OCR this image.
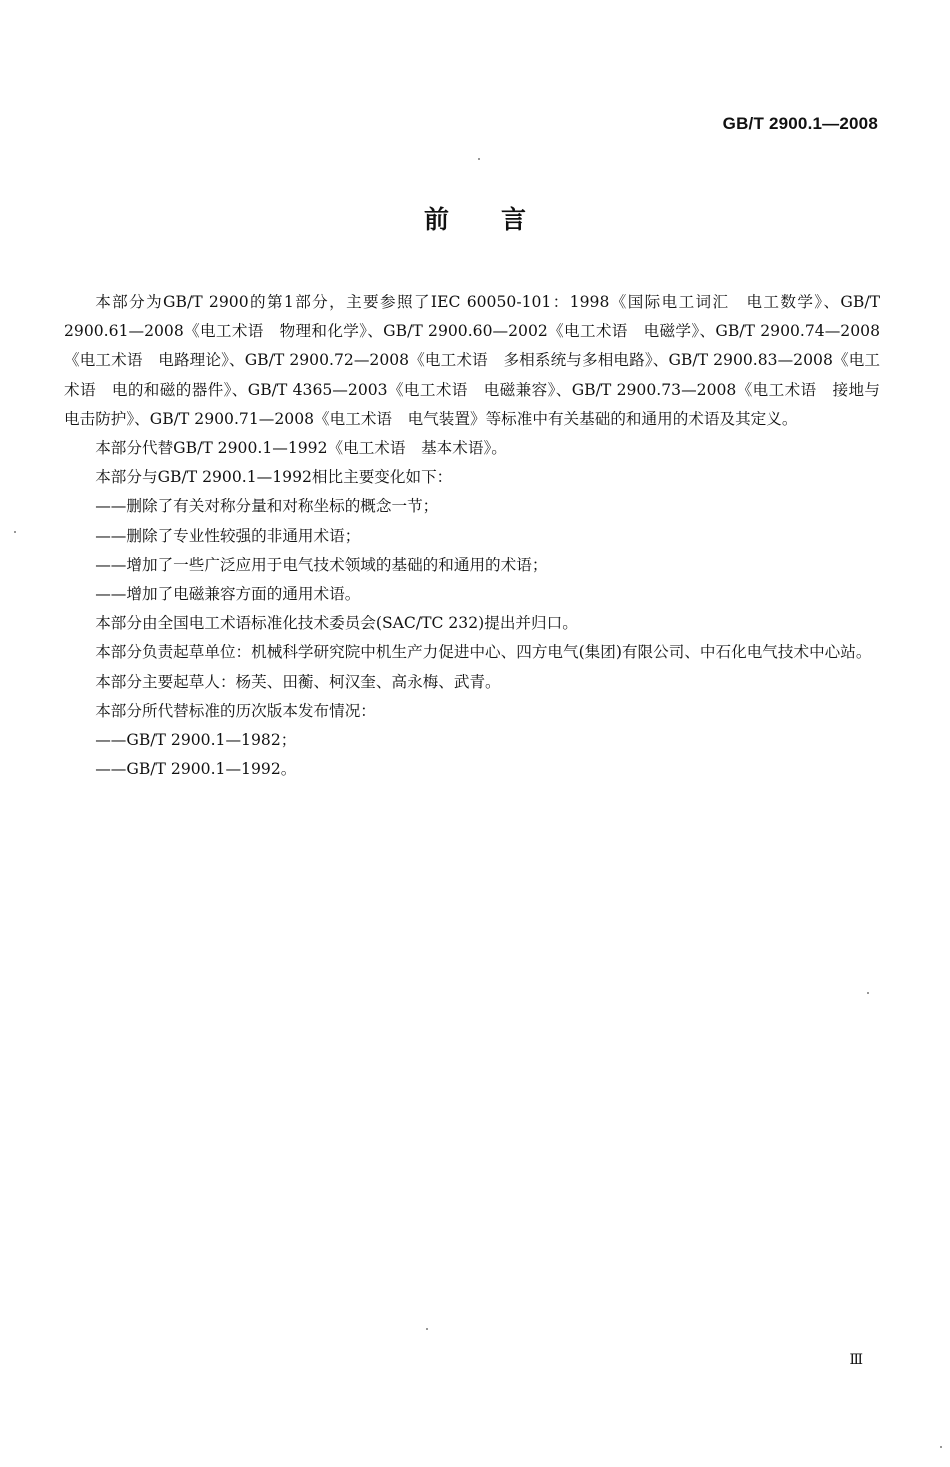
GB/T 2900.1—2008
前言

本部分为GB/T 2900的第1部分，主要参照了IEC 60050-101：1998《国际电工词汇　电工数学》、GB/T 2900.61—2008《电工术语　物理和化学》、GB/T 2900.60—2002《电工术语　电磁学》、GB/T 2900.74—2008《电工术语　电路理论》、GB/T 2900.72—2008《电工术语　多相系统与多相电路》、GB/T 2900.83—2008《电工术语　电的和磁的器件》、GB/T 4365—2003《电工术语　电磁兼容》、GB/T 2900.73—2008《电工术语　接地与电击防护》、GB/T 2900.71—2008《电工术语　电气装置》等标准中有关基础的和通用的术语及其定义。

本部分代替GB/T 2900.1—1992《电工术语　基本术语》。

本部分与GB/T 2900.1—1992相比主要变化如下：

——删除了有关对称分量和对称坐标的概念一节；

——删除了专业性较强的非通用术语；

——增加了一些广泛应用于电气技术领域的基础的和通用的术语；

——增加了电磁兼容方面的通用术语。

本部分由全国电工术语标准化技术委员会(SAC/TC 232)提出并归口。

本部分负责起草单位：机械科学研究院中机生产力促进中心、四方电气(集团)有限公司、中石化电气技术中心站。

本部分主要起草人：杨芙、田蘅、柯汉奎、高永梅、武青。

本部分所代替标准的历次版本发布情况：

——GB/T 2900.1—1982；

——GB/T 2900.1—1992。

Ⅲ
